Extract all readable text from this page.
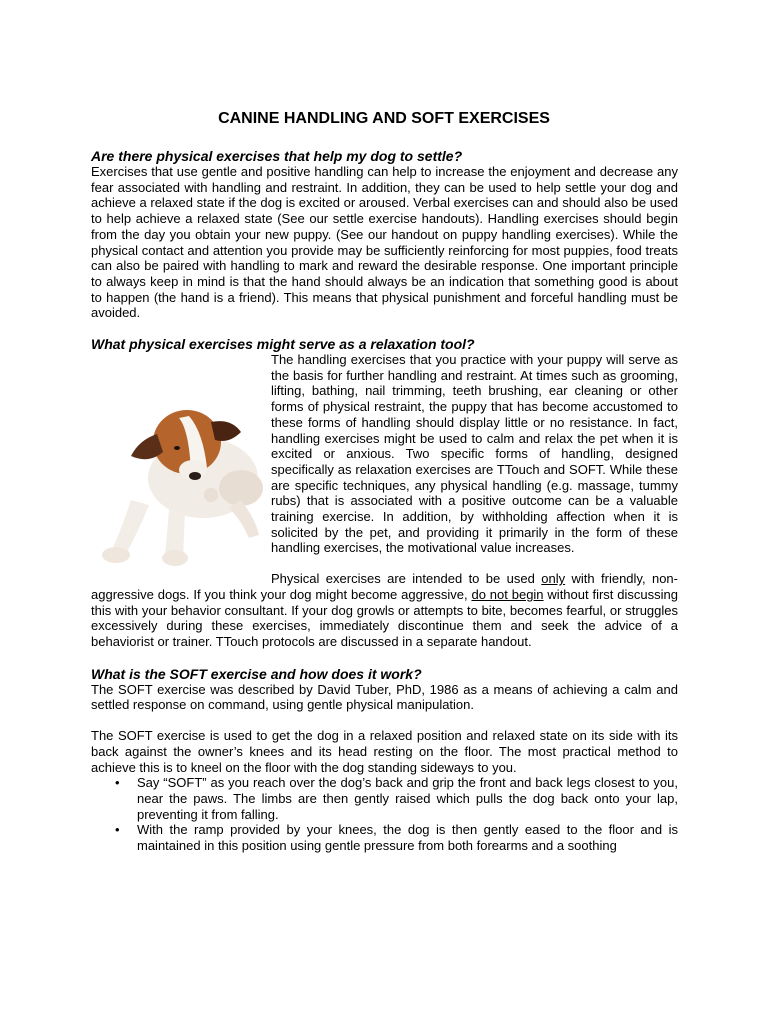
CANINE HANDLING AND SOFT EXERCISES
Are there physical exercises that help my dog to settle?

Exercises that use gentle and positive handling can help to increase the enjoyment and decrease any fear associated with handling and restraint. In addition, they can be used to help settle your dog and achieve a relaxed state if the dog is excited or aroused. Verbal exercises can and should also be used to help achieve a relaxed state (See our settle exercise handouts). Handling exercises should begin from the day you obtain your new puppy. (See our handout on puppy handling exercises). While the physical contact and attention you provide may be sufficiently reinforcing for most puppies, food treats can also be paired with handling to mark and reward the desirable response. One important principle to always keep in mind is that the hand should always be an indication that something good is about to happen (the hand is a friend). This means that physical punishment and forceful handling must be avoided.

What physical exercises might serve as a relaxation tool?

The handling exercises that you practice with your puppy will serve as the basis for further handling and restraint. At times such as grooming, lifting, bathing, nail trimming, teeth brushing, ear cleaning or other forms of physical restraint, the puppy that has become accustomed to these forms of handling should display little or no resistance. In fact, handling exercises might be used to calm and relax the pet when it is excited or anxious. Two specific forms of handling, designed specifically as relaxation exercises are TTouch and SOFT. While these are specific techniques, any physical handling (e.g. massage, tummy rubs) that is associated with a positive outcome can be a valuable training exercise. In addition, by withholding affection when it is solicited by the pet, and providing it primarily in the form of these handling exercises, the motivational value increases.

Physical exercises are intended to be used only with friendly, non-aggressive dogs. If you think your dog might become aggressive, do not begin without first discussing this with your behavior consultant. If your dog growls or attempts to bite, becomes fearful, or struggles excessively during these exercises, immediately discontinue them and seek the advice of a behaviorist or trainer. TTouch protocols are discussed in a separate handout.

What is the SOFT exercise and how does it work?

The SOFT exercise was described by David Tuber, PhD, 1986 as a means of achieving a calm and settled response on command, using gentle physical manipulation.

The SOFT exercise is used to get the dog in a relaxed position and relaxed state on its side with its back against the owner’s knees and its head resting on the floor. The most practical method to achieve this is to kneel on the floor with the dog standing sideways to you.

• Say “SOFT” as you reach over the dog’s back and grip the front and back legs closest to you, near the paws. The limbs are then gently raised which pulls the dog back onto your lap, preventing it from falling.
• With the ramp provided by your knees, the dog is then gently eased to the floor and is maintained in this position using gentle pressure from both forearms and a soothing
